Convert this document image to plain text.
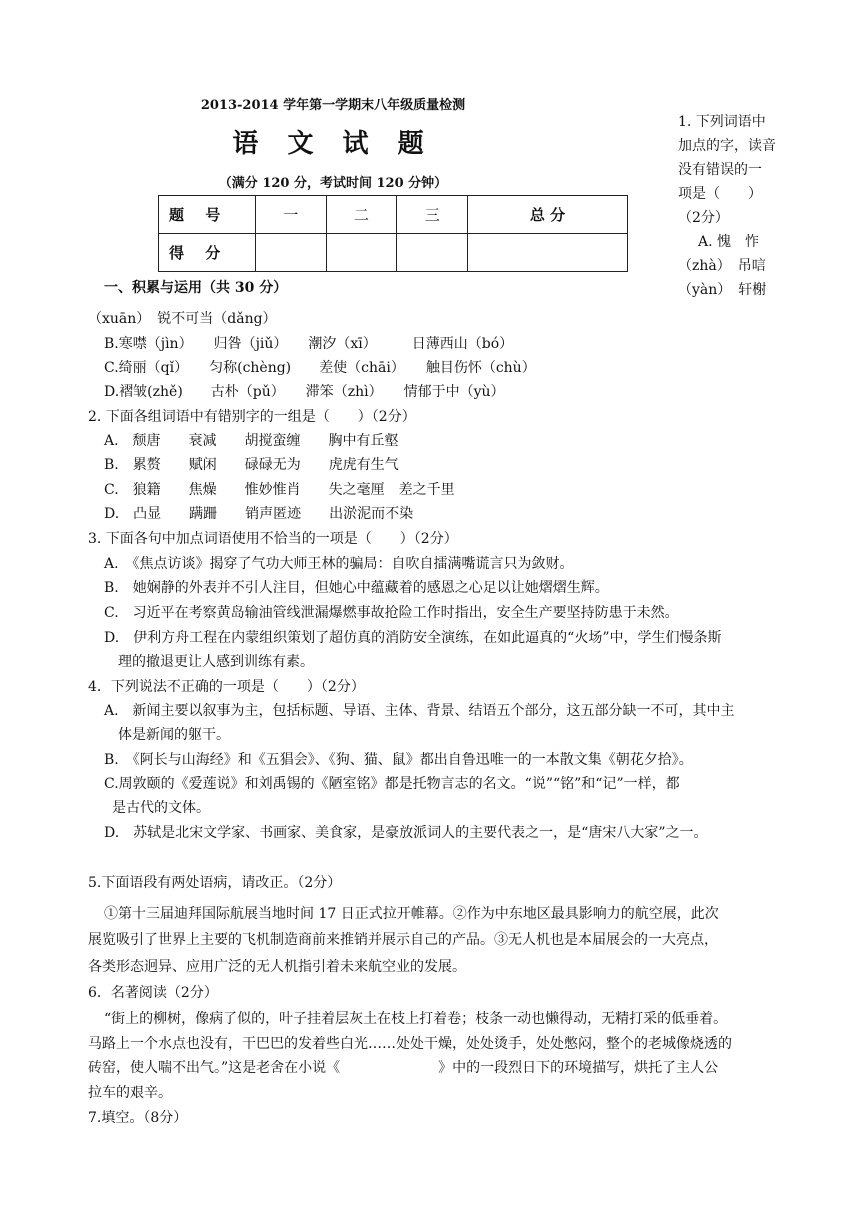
2013-2014 学年第一学期末八年级质量检测
语 文 试 题
（满分 120 分，考试时间 120 分钟）
题 号	一	二	三	总 分
得 分				
1. 下列词语中
加点的字，读音
没有错误的一
项是（　　）
（2分）
A. 愧　怍
（zhà）　吊唁
（yàn）　轩榭
一、积累与运用（共 30 分）
（xuān）　锐不可当（dǎng）
B.寒噤（jìn）　　归咎（jiǔ）　　潮汐（xī）　　　日薄西山（bó）
C.绮丽（qǐ）　　匀称(chèng)　　差使（chāi）　　触目伤怀（chù）
D.褶皱(zhě)　　古朴（pǔ）　　滞笨（zhì）　　情郁于中（yù）
2. 下面各组词语中有错别字的一组是（　　）（2分）
A.　颓唐　　衰减　　胡搅蛮缠　　胸中有丘壑
B.　累赘　　赋闲　　碌碌无为　　虎虎有生气
C.　狼籍　　焦燥　　惟妙惟肖　　失之毫厘　差之千里
D.　凸显　　蹒跚　　销声匿迹　　出淤泥而不染
3. 下面各句中加点词语使用不恰当的一项是（　　）（2分）
A.　《焦点访谈》揭穿了气功大师王林的骗局：自吹自擂满嘴谎言只为敛财。
B.　她娴静的外表并不引人注目，但她心中蕴藏着的感恩之心足以让她熠熠生辉。
C.　习近平在考察黄岛输油管线泄漏爆燃事故抢险工作时指出，安全生产要坚持防患于未然。
D.　伊利方舟工程在内蒙组织策划了超仿真的消防安全演练，在如此逼真的“火场”中，学生们慢条斯
理的撤退更让人感到训练有素。
4．下列说法不正确的一项是（　　）（2分）
A.　新闻主要以叙事为主，包括标题、导语、主体、背景、结语五个部分，这五部分缺一不可，其中主
体是新闻的躯干。
B.　《阿长与山海经》和《五猖会》、《狗、猫、鼠》都出自鲁迅唯一的一本散文集《朝花夕拾》。
C.周敦颐的《爱莲说》和刘禹锡的《陋室铭》都是托物言志的名文。“说”“铭”和“记”一样，都
是古代的文体。
D.　苏轼是北宋文学家、书画家、美食家，是豪放派词人的主要代表之一，是“唐宋八大家”之一。
5.下面语段有两处语病，请改正。（2分）
①第十三届迪拜国际航展当地时间 17 日正式拉开帷幕。②作为中东地区最具影响力的航空展，此次
展览吸引了世界上主要的飞机制造商前来推销并展示自己的产品。③无人机也是本届展会的一大亮点，
各类形态迥异、应用广泛的无人机指引着未来航空业的发展。
6．名著阅读（2分）
“街上的柳树，像病了似的，叶子挂着层灰土在枝上打着卷；枝条一动也懒得动，无精打采的低垂着。
马路上一个水点也没有，干巴巴的发着些白光……处处干燥，处处烫手，处处憋闷，整个的老城像烧透的
砖窑，使人喘不出气。”这是老舍在小说《　　　　　　　》中的一段烈日下的环境描写，烘托了主人公
拉车的艰辛。
7.填空。（8分）
